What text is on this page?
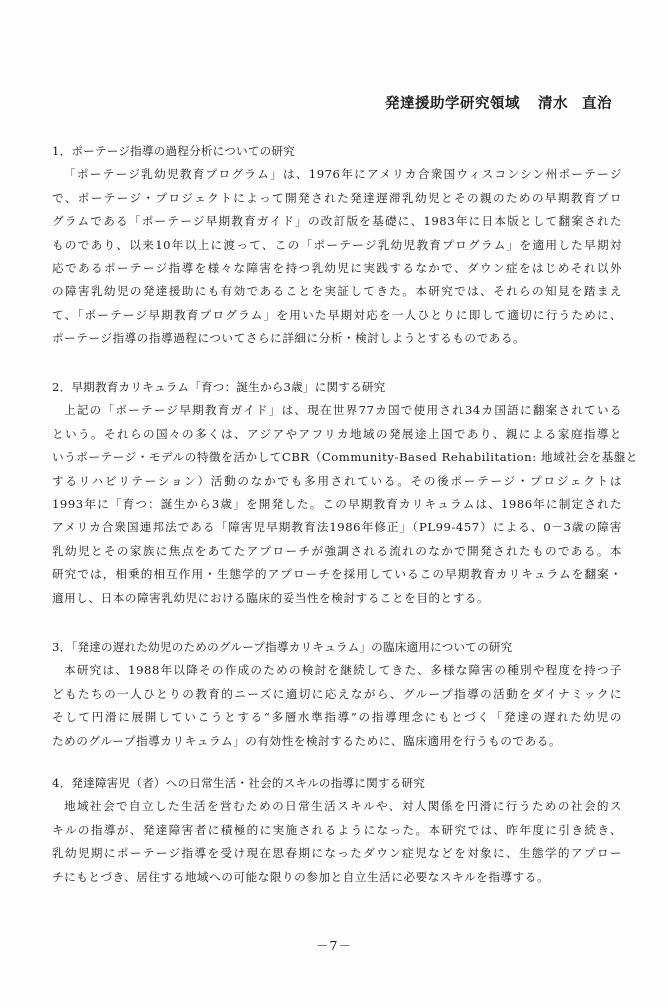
発達援助学研究領域 清水 直治
1．ポーテージ指導の過程分析についての研究
「ポーテージ乳幼児教育プログラム」は、1976年にアメリカ合衆国ウィスコンシン州ポーテージ
で、ポーテージ・プロジェクトによって開発された発達遅滞乳幼児とその親のための早期教育プロ
グラムである「ポーテージ早期教育ガイド」の改訂版を基礎に、1983年に日本版として翻案された
ものであり、以来10年以上に渡って、この「ポーテージ乳幼児教育プログラム」を適用した早期対
応であるポーテージ指導を様々な障害を持つ乳幼児に実践するなかで、ダウン症をはじめそれ以外
の障害乳幼児の発達援助にも有効であることを実証してきた。本研究では、それらの知見を踏まえ
て、「ポーテージ早期教育プログラム」を用いた早期対応を一人ひとりに即して適切に行うために、
ポーテージ指導の指導過程についてさらに詳細に分析・検討しようとするものである。
2．早期教育カリキュラム「育つ：誕生から3歳」に関する研究
上記の「ポーテージ早期教育ガイド」は、現在世界77カ国で使用され34カ国語に翻案されている
という。それらの国々の多くは、アジアやアフリカ地域の発展途上国であり、親による家庭指導と
いうポーテージ・モデルの特徴を活かしてCBR（Community-Based Rehabilitation: 地域社会を基盤と
するリハビリテーション）活動のなかでも多用されている。その後ポーテージ・プロジェクトは
1993年に「育つ：誕生から3歳」を開発した。この早期教育カリキュラムは、1986年に制定された
アメリカ合衆国連邦法である「障害児早期教育法1986年修正」（PL99-457）による、0－3歳の障害
乳幼児とその家族に焦点をあてたアプローチが強調される流れのなかで開発されたものである。本
研究では，相乗的相互作用・生態学的アプローチを採用しているこの早期教育カリキュラムを翻案・
適用し、日本の障害乳幼児における臨床的妥当性を検討することを目的とする。
3．「発達の遅れた幼児のためのグループ指導カリキュラム」の臨床適用についての研究
本研究は、1988年以降その作成のための検討を継続してきた、多様な障害の種別や程度を持つ子
どもたちの一人ひとりの教育的ニーズに適切に応えながら、グループ指導の活動をダイナミックに
そして円滑に展開していこうとする“多層水準指導”の指導理念にもとづく「発達の遅れた幼児の
ためのグループ指導カリキュラム」の有効性を検討するために、臨床適用を行うものである。
4．発達障害児（者）への日常生活・社会的スキルの指導に関する研究
地域社会で自立した生活を営むための日常生活スキルや、対人関係を円滑に行うための社会的ス
キルの指導が、発達障害者に積極的に実施されるようになった。本研究では、昨年度に引き続き、
乳幼児期にポーテージ指導を受け現在思春期になったダウン症児などを対象に、生態学的アプロー
チにもとづき、居住する地域への可能な限りの参加と自立生活に必要なスキルを指導する。
－7－
